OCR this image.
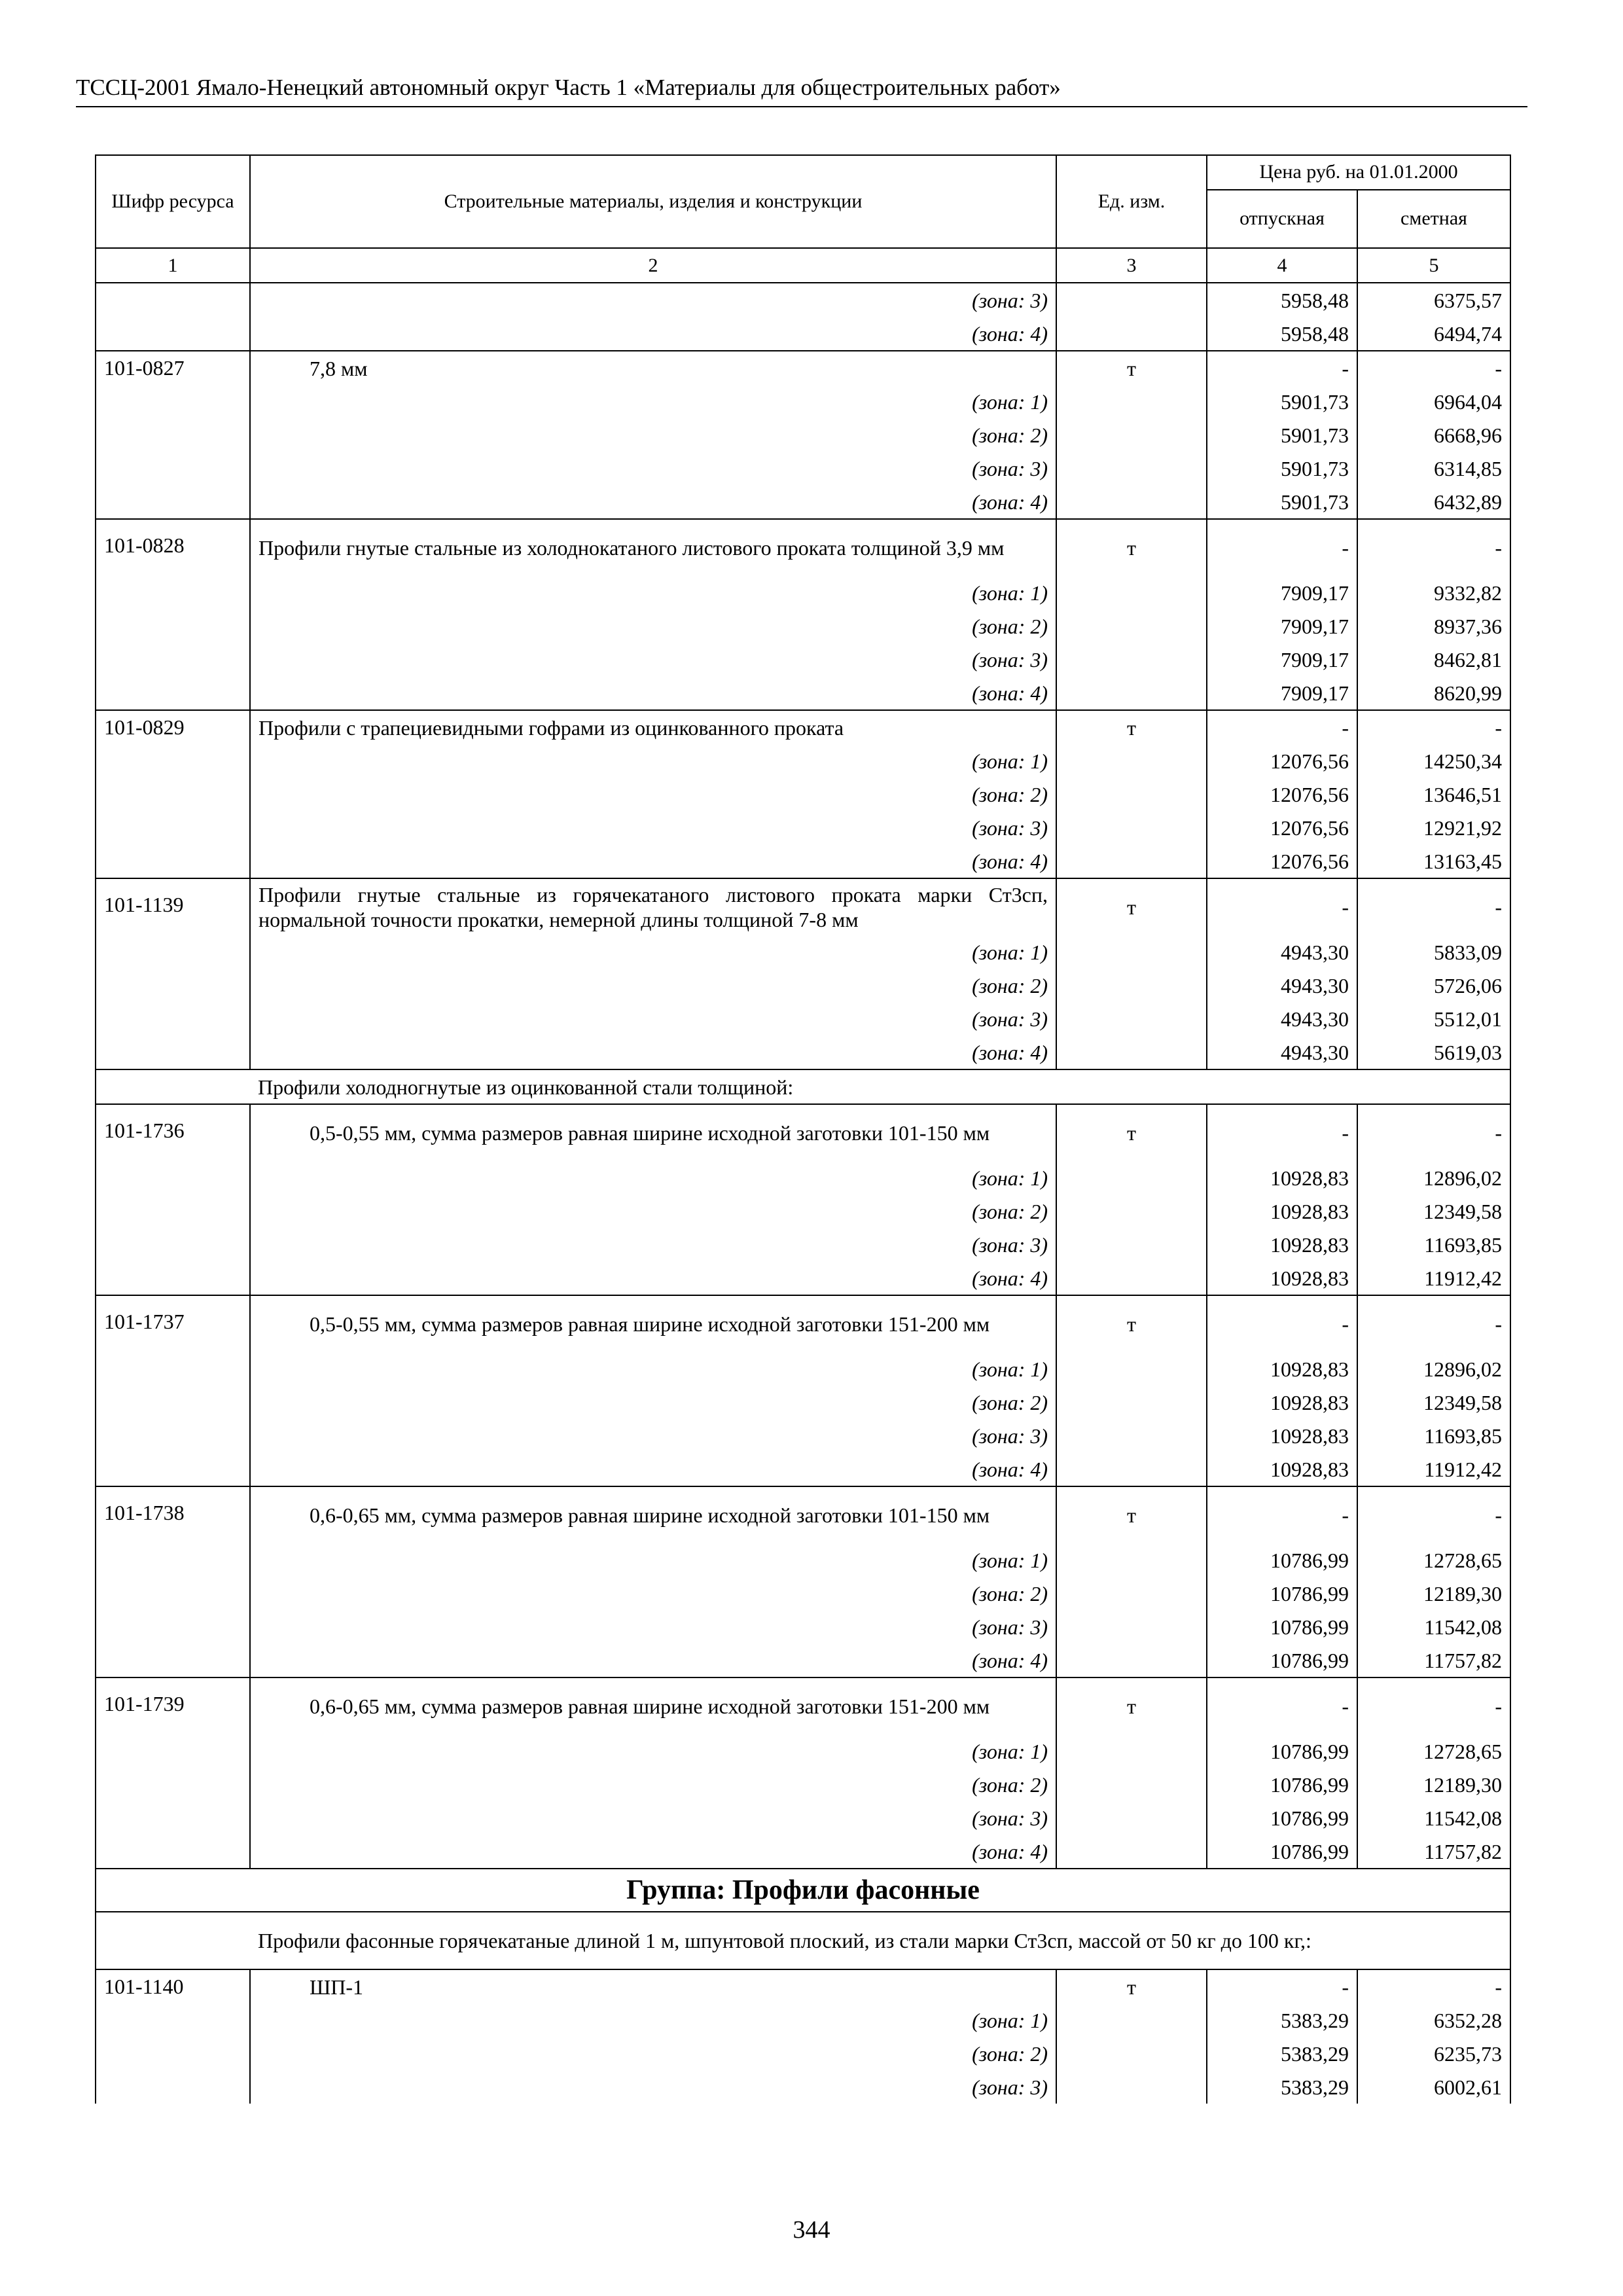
ТССЦ-2001 Ямало-Ненецкий автономный округ Часть 1 «Материалы для общестроительных работ»
Шифр ресурса	Строительные материалы, изделия и конструкции	Ед. изм.	Цена руб. на 01.01.2000	
			отпускная	сметная
1	2	3	4	5
	(зона: 3)		5958,48	6375,57
	(зона: 4)		5958,48	6494,74
101-0827	7,8 мм	т	-	-
	(зона: 1)		5901,73	6964,04
	(зона: 2)		5901,73	6668,96
	(зона: 3)		5901,73	6314,85
	(зона: 4)		5901,73	6432,89
101-0828	Профили гнутые стальные из холоднокатаного листового проката толщиной 3,9 мм	т	-	-
	(зона: 1)		7909,17	9332,82
	(зона: 2)		7909,17	8937,36
	(зона: 3)		7909,17	8462,81
	(зона: 4)		7909,17	8620,99
101-0829	Профили с трапециевидными гофрами из оцинкованного проката	т	-	-
	(зона: 1)		12076,56	14250,34
	(зона: 2)		12076,56	13646,51
	(зона: 3)		12076,56	12921,92
	(зона: 4)		12076,56	13163,45
101-1139	Профили гнутые стальные из горячекатаного листового проката марки Ст3сп, нормальной точности прокатки, немерной длины толщиной 7-8 мм	т	-	-
	(зона: 1)		4943,30	5833,09
	(зона: 2)		4943,30	5726,06
	(зона: 3)		4943,30	5512,01
	(зона: 4)		4943,30	5619,03
	Профили холодногнутые из оцинкованной стали толщиной:			
101-1736	0,5-0,55 мм, сумма размеров равная ширине исходной заготовки 101-150 мм	т	-	-
	(зона: 1)		10928,83	12896,02
	(зона: 2)		10928,83	12349,58
	(зона: 3)		10928,83	11693,85
	(зона: 4)		10928,83	11912,42
101-1737	0,5-0,55 мм, сумма размеров равная ширине исходной заготовки 151-200 мм	т	-	-
	(зона: 1)		10928,83	12896,02
	(зона: 2)		10928,83	12349,58
	(зона: 3)		10928,83	11693,85
	(зона: 4)		10928,83	11912,42
101-1738	0,6-0,65 мм, сумма размеров равная ширине исходной заготовки 101-150 мм	т	-	-
	(зона: 1)		10786,99	12728,65
	(зона: 2)		10786,99	12189,30
	(зона: 3)		10786,99	11542,08
	(зона: 4)		10786,99	11757,82
101-1739	0,6-0,65 мм, сумма размеров равная ширине исходной заготовки 151-200 мм	т	-	-
	(зона: 1)		10786,99	12728,65
	(зона: 2)		10786,99	12189,30
	(зона: 3)		10786,99	11542,08
	(зона: 4)		10786,99	11757,82
Группа: Профили фасонные				
	Профили фасонные горячекатаные длиной 1 м, шпунтовой плоский, из стали марки Ст3сп, массой от 50 кг до 100 кг,:			
101-1140	ШП-1	т	-	-
	(зона: 1)		5383,29	6352,28
	(зона: 2)		5383,29	6235,73
	(зона: 3)		5383,29	6002,61
344
